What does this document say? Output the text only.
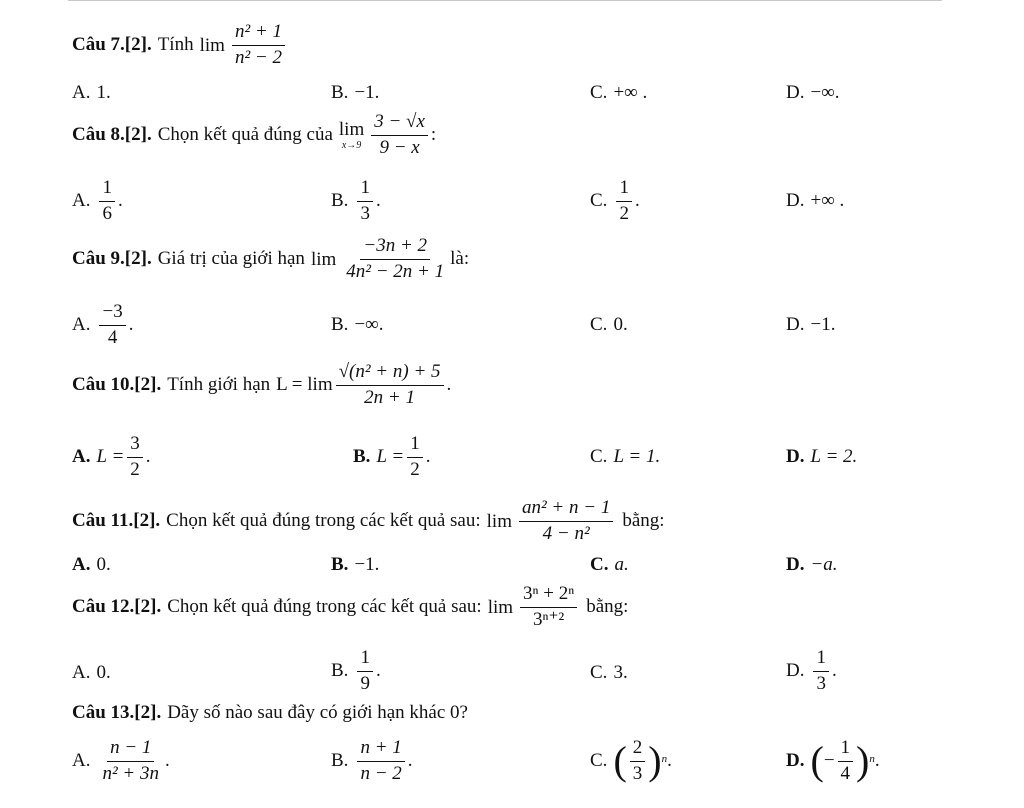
Câu 7.[2]. Tính $\lim \frac{\text{n² + 1}}{\text{n² − 2}}$
A. 1.	B. −1.	C. +∞ .	D. −∞.
Câu 8.[2]. Chọn kết quả đúng của lim
$x\to 9 \frac{3 - √x}{9 - x}$ :
A. $\frac{1}{6}$ .	B. $\frac{1}{3}$ .	C. $\frac{1}{2}$ .	D. +∞ .
Câu 9.[2]. Giá trị của giới hạn $\lim \frac{-3n + 2}{\text{4n² − 2n + 1}}$ là:
A. $\frac{-3}{4}$ .	B. −∞.	C. 0.	D. −1.
Câu 10.[2]. Tính giới hạn $L = \lim \frac{\text{√(n² + n) + 5}}{2n + 1}$ .
A. $L = \frac{3}{2}$ .	B. $L = \frac{1}{2}$ .	C. L = 1.	D. L = 2.
Câu 11.[2]. Chọn kết quả đúng trong các kết quả sau: $\lim \frac{\text{an² + n − 1}}{\text{4 − n²}}$ bằng:
A. 0.	B. −1.	C. a.	D. −a.
Câu 12.[2]. Chọn kết quả đúng trong các kết quả sau: $\lim \frac{\text{3ⁿ + 2ⁿ}}{\text{3ⁿ⁺²}}$ bằng:
A. 0.	B. $\frac{1}{9}$ .	C. 3.	D. $\frac{1}{3}$ .
Câu 13.[2]. Dãy số nào sau đây có giới hạn khác 0?
A. $\frac{n - 1}{\text{n² + 3n}}$ .	B. $\frac{n + 1}{n - 2}$ .	C. ( $\frac{2}{3} )^n$ .	D. ( − $\frac{1}{4} )^n$ .
